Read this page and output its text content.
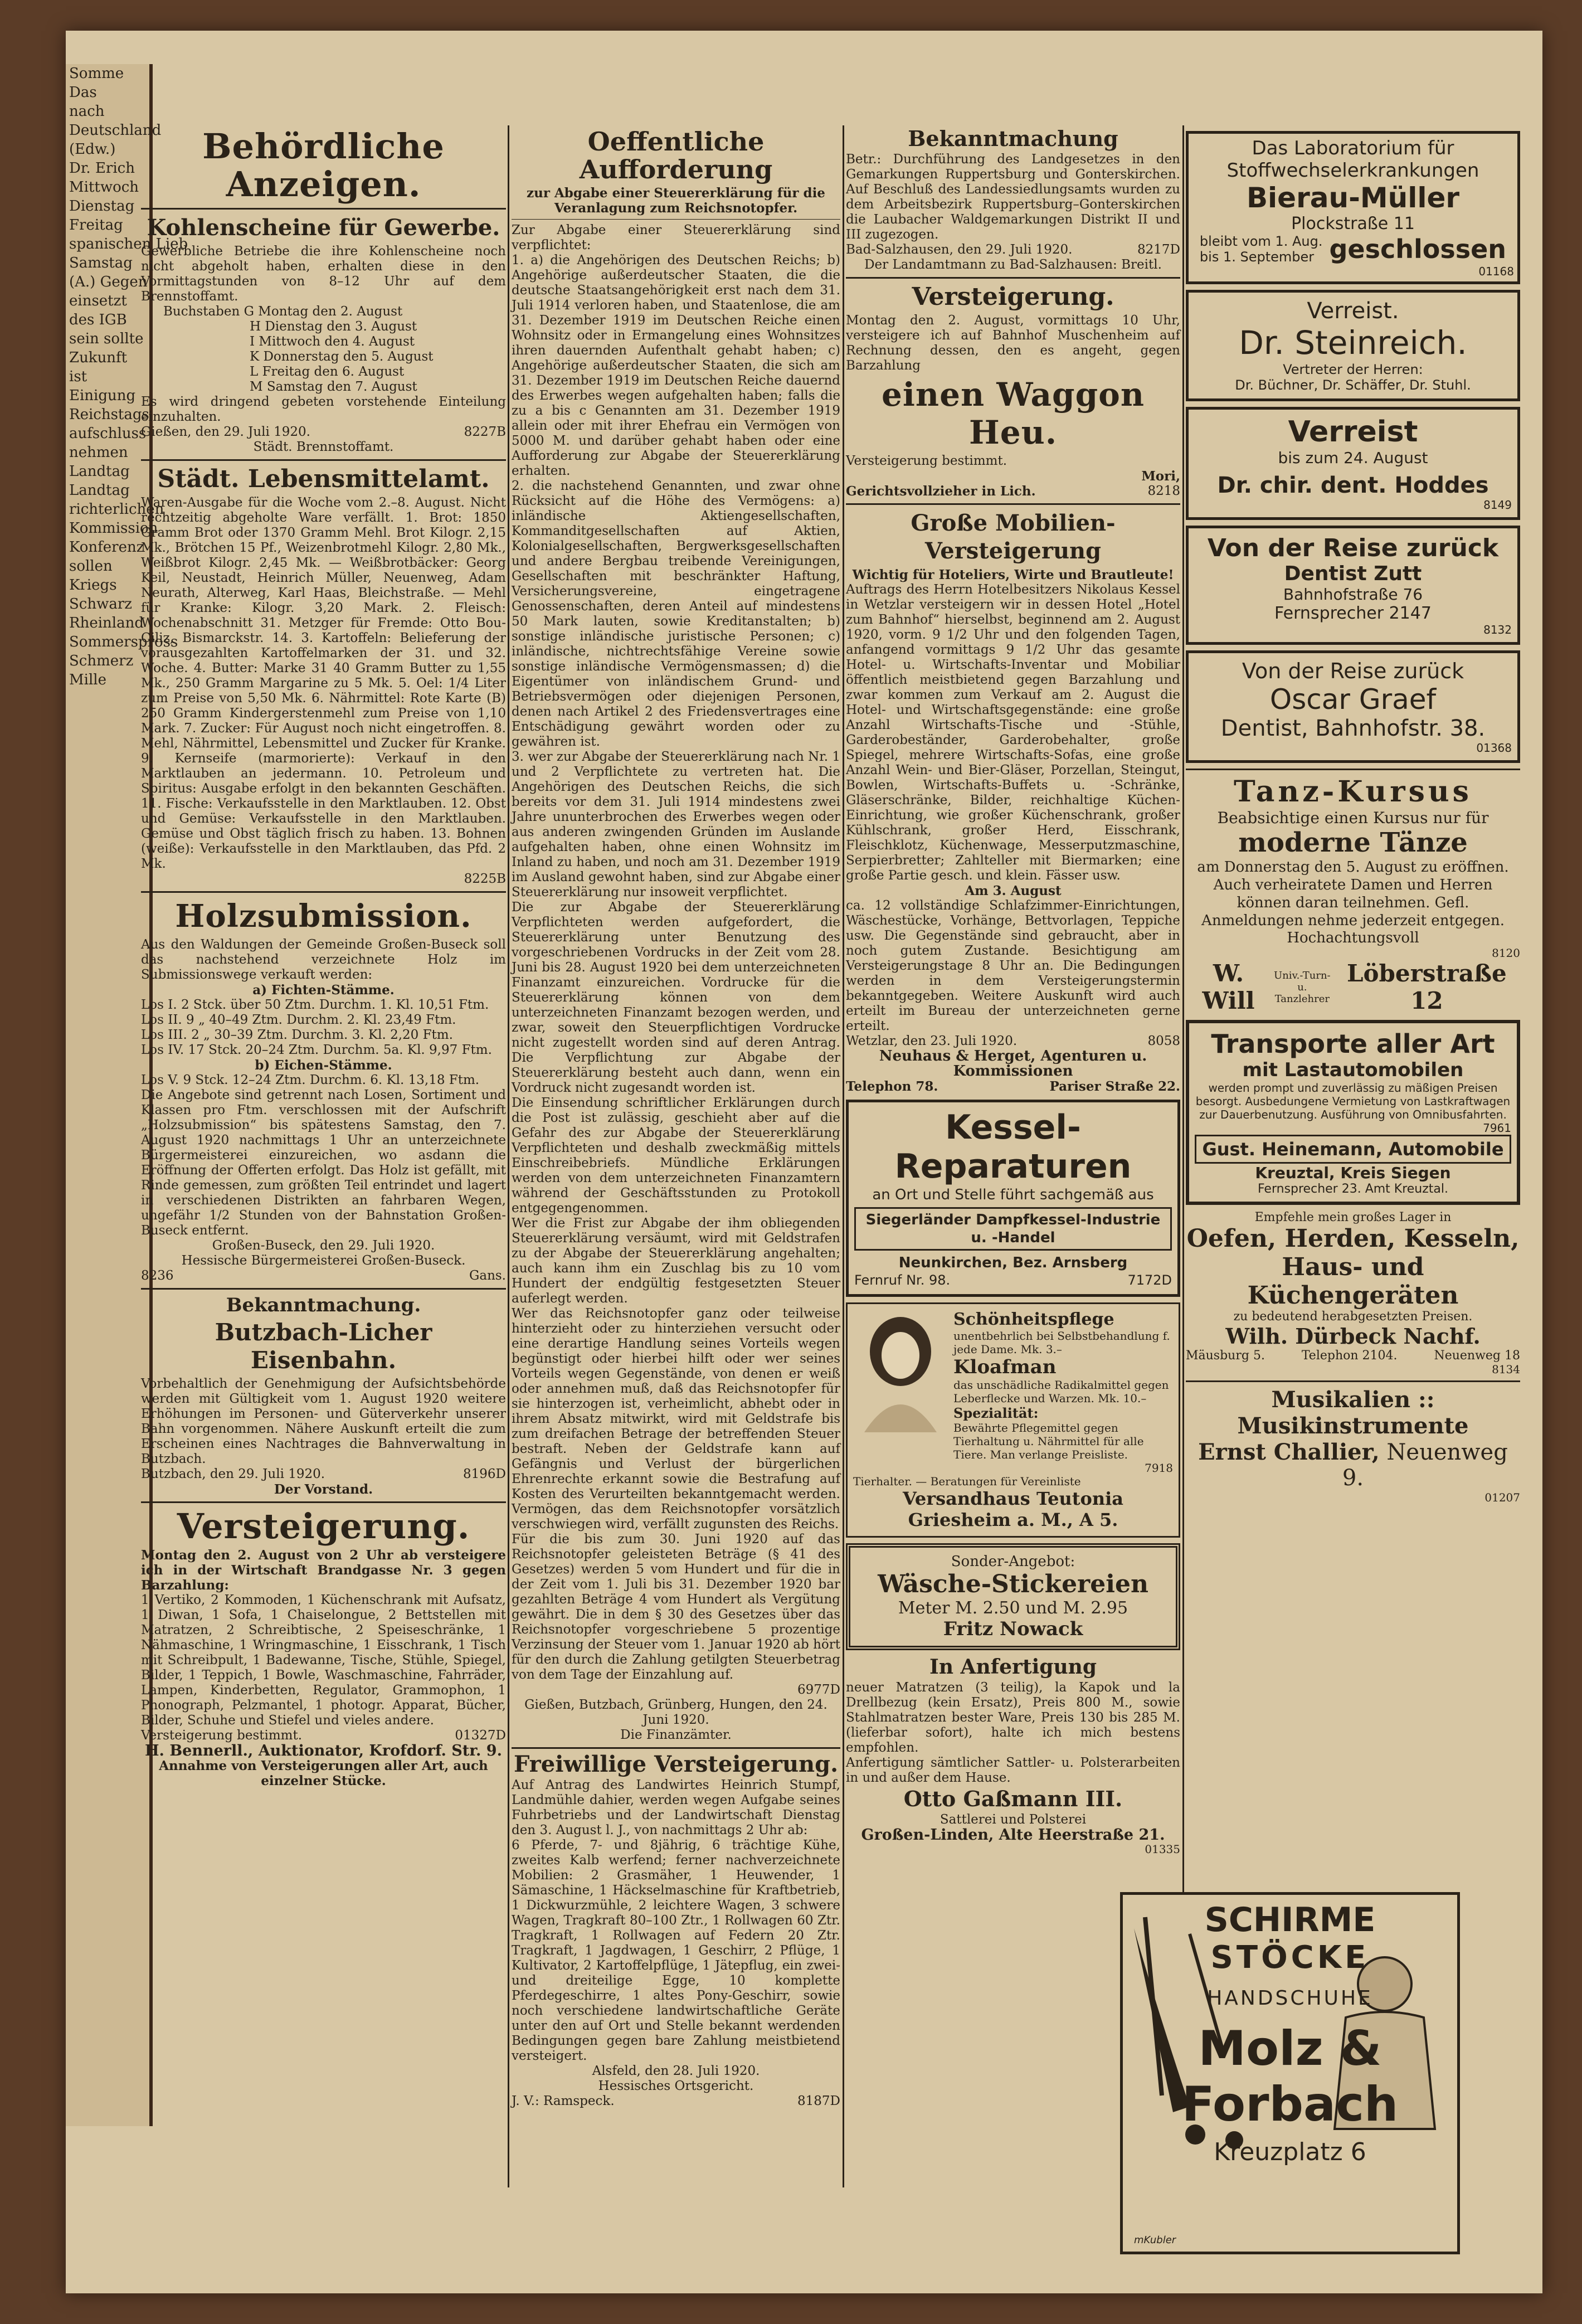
Somme
Das
nach
Deutschland
(Edw.)
Dr. Erich
Mittwoch
Dienstag
Freitag
spanischen Lieb
Samstag
(A.) Gegen
einsetzt
des IGB
sein sollte
Zukunft
ist
Einigung
Reichstags
aufschluss
nehmen
Landtag
Landtag
richterlichen
Kommission
Konferenz
sollen
Kriegs
Schwarz
Rheinland
Sommerspross
Schmerz
Mille
Behördliche Anzeigen.
Kohlenscheine für Gewerbe.
Gewerbliche Betriebe die ihre Kohlenscheine noch nicht abgeholt haben, erhalten diese in den Vormittagstunden von 8–12 Uhr auf dem Brennstoffamt.
Buchstaben G Montag den 2. August
H Dienstag den 3. August
I Mittwoch den 4. August
K Donnerstag den 5. August
L Freitag den 6. August
M Samstag den 7. August
Es wird dringend gebeten vorstehende Einteilung einzuhalten.
Gießen, den 29. Juli 1920.	8227B
Städt. Brennstoffamt.
Städt. Lebensmittelamt.
Waren-Ausgabe für die Woche vom 2.–8. August. Nicht rechtzeitig abgeholte Ware verfällt. 1. Brot: 1850 Gramm Brot oder 1370 Gramm Mehl. Brot Kilogr. 2,15 Mk., Brötchen 15 Pf., Weizenbrotmehl Kilogr. 2,80 Mk., Weißbrot Kilogr. 2,45 Mk. — Weißbrotbäcker: Georg Keil, Neustadt, Heinrich Müller, Neuenweg, Adam Neurath, Alterweg, Karl Haas, Bleichstraße. — Mehl für Kranke: Kilogr. 3,20 Mark. 2. Fleisch: Wochenabschnitt 31. Metzger für Fremde: Otto Bou-Ciliz, Bismarckstr. 14. 3. Kartoffeln: Belieferung der vorausgezahlten Kartoffelmarken der 31. und 32. Woche. 4. Butter: Marke 31 40 Gramm Butter zu 1,55 Mk., 250 Gramm Margarine zu 5 Mk. 5. Oel: 1/4 Liter zum Preise von 5,50 Mk. 6. Nährmittel: Rote Karte (B) 250 Gramm Kindergerstenmehl zum Preise von 1,10 Mark. 7. Zucker: Für August noch nicht eingetroffen. 8. Mehl, Nährmittel, Lebensmittel und Zucker für Kranke. 9. Kernseife (marmorierte): Verkauf in den Marktlauben an jedermann. 10. Petroleum und Spiritus: Ausgabe erfolgt in den bekannten Geschäften. 11. Fische: Verkaufsstelle in den Marktlauben. 12. Obst und Gemüse: Verkaufsstelle in den Marktlauben. Gemüse und Obst täglich frisch zu haben. 13. Bohnen (weiße): Verkaufsstelle in den Marktlauben, das Pfd. 2 Mk.
8225B
Holzsubmission.
Aus den Waldungen der Gemeinde Großen-Buseck soll das nachstehend verzeichnete Holz im Submissionswege verkauft werden:
a) Fichten-Stämme.
Los I. 2 Stck. über 50 Ztm. Durchm. 1. Kl. 10,51 Ftm.
Los II. 9 „ 40–49 Ztm. Durchm. 2. Kl. 23,49 Ftm.
Los III. 2 „ 30–39 Ztm. Durchm. 3. Kl. 2,20 Ftm.
Los IV. 17 Stck. 20–24 Ztm. Durchm. 5a. Kl. 9,97 Ftm.
b) Eichen-Stämme.
Los V. 9 Stck. 12–24 Ztm. Durchm. 6. Kl. 13,18 Ftm.
Die Angebote sind getrennt nach Losen, Sortiment und Klassen pro Ftm. verschlossen mit der Aufschrift „Holzsubmission“ bis spätestens Samstag, den 7. August 1920 nachmittags 1 Uhr an unterzeichnete Bürgermeisterei einzureichen, wo asdann die Eröffnung der Offerten erfolgt. Das Holz ist gefällt, mit Rinde gemessen, zum größten Teil entrindet und lagert in verschiedenen Distrikten an fahrbaren Wegen, ungefähr 1/2 Stunden von der Bahnstation Großen-Buseck entfernt.
Großen-Buseck, den 29. Juli 1920.
Hessische Bürgermeisterei Großen-Buseck.
8236	Gans.
Bekanntmachung.
Butzbach-Licher Eisenbahn.
Vorbehaltlich der Genehmigung der Aufsichtsbehörde werden mit Gültigkeit vom 1. August 1920 weitere Erhöhungen im Personen- und Güterverkehr unserer Bahn vorgenommen. Nähere Auskunft erteilt die zum Erscheinen eines Nachtrages die Bahnverwaltung in Butzbach.
Butzbach, den 29. Juli 1920.	8196D
Der Vorstand.
Versteigerung.
Montag den 2. August von 2 Uhr ab versteigere ich in der Wirtschaft Brandgasse Nr. 3 gegen Barzahlung:
1 Vertiko, 2 Kommoden, 1 Küchenschrank mit Aufsatz, 1 Diwan, 1 Sofa, 1 Chaiselongue, 2 Bettstellen mit Matratzen, 2 Schreibtische, 2 Speiseschränke, 1 Nähmaschine, 1 Wringmaschine, 1 Eisschrank, 1 Tisch mit Schreibpult, 1 Badewanne, Tische, Stühle, Spiegel, Bilder, 1 Teppich, 1 Bowle, Waschmaschine, Fahrräder, Lampen, Kinderbetten, Regulator, Grammophon, 1 Phonograph, Pelzmantel, 1 photogr. Apparat, Bücher, Bilder, Schuhe und Stiefel und vieles andere.
Versteigerung bestimmt.	01327D
H. Bennerll., Auktionator, Krofdorf. Str. 9.
Annahme von Versteigerungen aller Art, auch einzelner Stücke.
Oeffentliche Aufforderung
zur Abgabe einer Steuererklärung für die Veranlagung zum Reichsnotopfer.
Zur Abgabe einer Steuererklärung sind verpflichtet:
1. a) die Angehörigen des Deutschen Reichs; b) Angehörige außerdeutscher Staaten, die die deutsche Staatsangehörigkeit erst nach dem 31. Juli 1914 verloren haben, und Staatenlose, die am 31. Dezember 1919 im Deutschen Reiche einen Wohnsitz oder in Ermangelung eines Wohnsitzes ihren dauernden Aufenthalt gehabt haben; c) Angehörige außerdeutscher Staaten, die sich am 31. Dezember 1919 im Deutschen Reiche dauernd des Erwerbes wegen aufgehalten haben; falls die zu a bis c Genannten am 31. Dezember 1919 allein oder mit ihrer Ehefrau ein Vermögen von 5000 M. und darüber gehabt haben oder eine Aufforderung zur Abgabe der Steuererklärung erhalten.
2. die nachstehend Genannten, und zwar ohne Rücksicht auf die Höhe des Vermögens: a) inländische Aktiengesellschaften, Kommanditgesellschaften auf Aktien, Kolonialgesellschaften, Bergwerksgesellschaften und andere Bergbau treibende Vereinigungen, Gesellschaften mit beschränkter Haftung, Versicherungsvereine, eingetragene Genossenschaften, deren Anteil auf mindestens 50 Mark lauten, sowie Kreditanstalten; b) sonstige inländische juristische Personen; c) inländische, nichtrechtsfähige Vereine sowie sonstige inländische Vermögensmassen; d) die Eigentümer von inländischem Grund- und Betriebsvermögen oder diejenigen Personen, denen nach Artikel 2 des Friedensvertrages eine Entschädigung gewährt worden oder zu gewähren ist.
3. wer zur Abgabe der Steuererklärung nach Nr. 1 und 2 Verpflichtete zu vertreten hat. Die Angehörigen des Deutschen Reichs, die sich bereits vor dem 31. Juli 1914 mindestens zwei Jahre ununterbrochen des Erwerbes wegen oder aus anderen zwingenden Gründen im Auslande aufgehalten haben, ohne einen Wohnsitz im Inland zu haben, und noch am 31. Dezember 1919 im Ausland gewohnt haben, sind zur Abgabe einer Steuererklärung nur insoweit verpflichtet.
Die zur Abgabe der Steuererklärung Verpflichteten werden aufgefordert, die Steuererklärung unter Benutzung des vorgeschriebenen Vordrucks in der Zeit vom 28. Juni bis 28. August 1920 bei dem unterzeichneten Finanzamt einzureichen. Vordrucke für die Steuererklärung können von dem unterzeichneten Finanzamt bezogen werden, und zwar, soweit den Steuerpflichtigen Vordrucke nicht zugestellt worden sind auf deren Antrag. Die Verpflichtung zur Abgabe der Steuererklärung besteht auch dann, wenn ein Vordruck nicht zugesandt worden ist.
Die Einsendung schriftlicher Erklärungen durch die Post ist zulässig, geschieht aber auf die Gefahr des zur Abgabe der Steuererklärung Verpflichteten und deshalb zweckmäßig mittels Einschreibebriefs. Mündliche Erklärungen werden von dem unterzeichneten Finanzamtern während der Geschäftsstunden zu Protokoll entgegengenommen.
Wer die Frist zur Abgabe der ihm obliegenden Steuererklärung versäumt, wird mit Geldstrafen zu der Abgabe der Steuererklärung angehalten; auch kann ihm ein Zuschlag bis zu 10 vom Hundert der endgültig festgesetzten Steuer auferlegt werden.
Wer das Reichsnotopfer ganz oder teilweise hinterzieht oder zu hinterziehen versucht oder eine derartige Handlung seines Vorteils wegen begünstigt oder hierbei hilft oder wer seines Vorteils wegen Gegenstände, von denen er weiß oder annehmen muß, daß das Reichsnotopfer für sie hinterzogen ist, verheimlicht, abhebt oder in ihrem Absatz mitwirkt, wird mit Geldstrafe bis zum dreifachen Betrage der betreffenden Steuer bestraft. Neben der Geldstrafe kann auf Gefängnis und Verlust der bürgerlichen Ehrenrechte erkannt sowie die Bestrafung auf Kosten des Verurteilten bekanntgemacht werden. Vermögen, das dem Reichsnotopfer vorsätzlich verschwiegen wird, verfällt zugunsten des Reichs.
Für die bis zum 30. Juni 1920 auf das Reichsnotopfer geleisteten Beträge (§ 41 des Gesetzes) werden 5 vom Hundert und für die in der Zeit vom 1. Juli bis 31. Dezember 1920 bar gezahlten Beträge 4 vom Hundert als Vergütung gewährt. Die in dem § 30 des Gesetzes über das Reichsnotopfer vorgeschriebene 5 prozentige Verzinsung der Steuer vom 1. Januar 1920 ab hört für den durch die Zahlung getilgten Steuerbetrag von dem Tage der Einzahlung auf.
6977D
Gießen, Butzbach, Grünberg, Hungen, den 24. Juni 1920.
Die Finanzämter.
Freiwillige Versteigerung.
Auf Antrag des Landwirtes Heinrich Stumpf, Landmühle dahier, werden wegen Aufgabe seines Fuhrbetriebs und der Landwirtschaft Dienstag den 3. August l. J., von nachmittags 2 Uhr ab:
6 Pferde, 7- und 8jährig, 6 trächtige Kühe, zweites Kalb werfend; ferner nachverzeichnete Mobilien: 2 Grasmäher, 1 Heuwender, 1 Sämaschine, 1 Häckselmaschine für Kraftbetrieb, 1 Dickwurzmühle, 2 leichtere Wagen, 3 schwere Wagen, Tragkraft 80–100 Ztr., 1 Rollwagen 60 Ztr. Tragkraft, 1 Rollwagen auf Federn 20 Ztr. Tragkraft, 1 Jagdwagen, 1 Geschirr, 2 Pflüge, 1 Kultivator, 2 Kartoffelpflüge, 1 Jätepflug, ein zwei- und dreiteilige Egge, 10 komplette Pferdegeschirre, 1 altes Pony-Geschirr, sowie noch verschiedene landwirtschaftliche Geräte unter den auf Ort und Stelle bekannt werdenden Bedingungen gegen bare Zahlung meistbietend versteigert.
Alsfeld, den 28. Juli 1920.
Hessisches Ortsgericht.
J. V.: Ramspeck.	8187D
Bekanntmachung
Betr.: Durchführung des Landgesetzes in den Gemarkungen Ruppertsburg und Gonterskirchen. Auf Beschluß des Landessiedlungsamts wurden zu dem Arbeitsbezirk Ruppertsburg–Gonterskirchen die Laubacher Waldgemarkungen Distrikt II und III zugezogen.
Bad-Salzhausen, den 29. Juli 1920.	8217D
Der Landamtmann zu Bad-Salzhausen: Breitl.
Versteigerung.
Montag den 2. August, vormittags 10 Uhr, versteigere ich auf Bahnhof Muschenheim auf Rechnung dessen, den es angeht, gegen Barzahlung
einen Waggon Heu.
Versteigerung bestimmt.
Mori,
Gerichtsvollzieher in Lich.	8218
Große Mobilien-Versteigerung
Wichtig für Hoteliers, Wirte und Brautleute!
Auftrags des Herrn Hotelbesitzers Nikolaus Kessel in Wetzlar versteigern wir in dessen Hotel „Hotel zum Bahnhof“ hierselbst, beginnend am 2. August 1920, vorm. 9 1/2 Uhr und den folgenden Tagen, anfangend vormittags 9 1/2 Uhr das gesamte Hotel- u. Wirtschafts-Inventar und Mobiliar öffentlich meistbietend gegen Barzahlung und zwar kommen zum Verkauf am 2. August die Hotel- und Wirtschaftsgegenstände: eine große Anzahl Wirtschafts-Tische und -Stühle, Garderobeständer, Garderobehalter, große Spiegel, mehrere Wirtschafts-Sofas, eine große Anzahl Wein- und Bier-Gläser, Porzellan, Steingut, Bowlen, Wirtschafts-Buffets u. -Schränke, Gläserschränke, Bilder, reichhaltige Küchen-Einrichtung, wie großer Küchenschrank, großer Kühlschrank, großer Herd, Eisschrank, Fleischklotz, Küchenwage, Messerputzmaschine, Serpierbretter; Zahlteller mit Biermarken; eine große Partie gesch. und klein. Fässer usw.
Am 3. August
ca. 12 vollständige Schlafzimmer-Einrichtungen, Wäschestücke, Vorhänge, Bettvorlagen, Teppiche usw. Die Gegenstände sind gebraucht, aber in noch gutem Zustande. Besichtigung am Versteigerungstage 8 Uhr an. Die Bedingungen werden in dem Versteigerungstermin bekanntgegeben. Weitere Auskunft wird auch erteilt im Bureau der unterzeichneten gerne erteilt.
Wetzlar, den 23. Juli 1920.	8058
Neuhaus & Herget, Agenturen u. Kommissionen
Telephon 78.	Pariser Straße 22.
Kessel-Reparaturen
an Ort und Stelle führt sachgemäß aus
Siegerländer Dampfkessel-Industrie u. -Handel
Neunkirchen, Bez. Arnsberg
Fernruf Nr. 98.	7172D
Schönheitspflege
unentbehrlich bei Selbstbehandlung f. jede Dame. Mk. 3.–
Kloafman
das unschädliche Radikalmittel gegen Leberflecke und Warzen. Mk. 10.–
Spezialität:
Bewährte Pflegemittel gegen Tierhaltung u. Nährmittel für alle Tiere. Man verlange Preisliste.
7918
Tierhalter. — Beratungen für Vereinliste
Versandhaus Teutonia
Griesheim a. M., A 5.
Sonder-Angebot:
Wäsche-Stickereien
Meter M. 2.50 und M. 2.95
Fritz Nowack
In Anfertigung
neuer Matratzen (3 teilig), la Kapok und la Drellbezug (kein Ersatz), Preis 800 M., sowie Stahlmatratzen bester Ware, Preis 130 bis 285 M. (lieferbar sofort), halte ich mich bestens empfohlen.
Anfertigung sämtlicher Sattler- u. Polsterarbeiten in und außer dem Hause.
Otto Gaßmann III.
Sattlerei und Polsterei
Großen-Linden, Alte Heerstraße 21.
01335
Das Laboratorium für
Stoffwechselerkrankungen
Bierau-Müller
Plockstraße 11
bleibt vom 1. Aug.
bis 1. September geschlossen
01168
Verreist.
Dr. Steinreich.
Vertreter der Herren:
Dr. Büchner, Dr. Schäffer, Dr. Stuhl.
Verreist
bis zum 24. August
Dr. chir. dent. Hoddes
8149
Von der Reise zurück
Dentist Zutt
Bahnhofstraße 76
Fernsprecher 2147
8132
Von der Reise zurück
Oscar Graef
Dentist, Bahnhofstr. 38.
01368
Tanz-Kursus
Beabsichtige einen Kursus nur für
moderne Tänze
am Donnerstag den 5. August zu eröffnen. Auch verheiratete Damen und Herren können daran teilnehmen. Gefl. Anmeldungen nehme jederzeit entgegen.
Hochachtungsvoll
8120
W. Will
Univ.-Turn- u. Tanzlehrer
Löberstraße 12
Transporte aller Art
mit Lastautomobilen
werden prompt und zuverlässig zu mäßigen Preisen besorgt. Ausbedungene Vermietung von Lastkraftwagen zur Dauerbenutzung. Ausführung von Omnibusfahrten.
7961
Gust. Heinemann, Automobile
Kreuztal, Kreis Siegen
Fernsprecher 23. Amt Kreuztal.
Empfehle mein großes Lager in
Oefen, Herden, Kesseln,
Haus- und Küchengeräten
zu bedeutend herabgesetzten Preisen.
Wilh. Dürbeck Nachf.
Mäusburg 5.	Telephon 2104.	Neuenweg 18
8134
Musikalien :: Musikinstrumente
Ernst Challier, Neuenweg 9.
01207
SCHIRME
STÖCKE
HANDSCHUHE
Molz &
Forbach
Kreuzplatz 6
mKubler
